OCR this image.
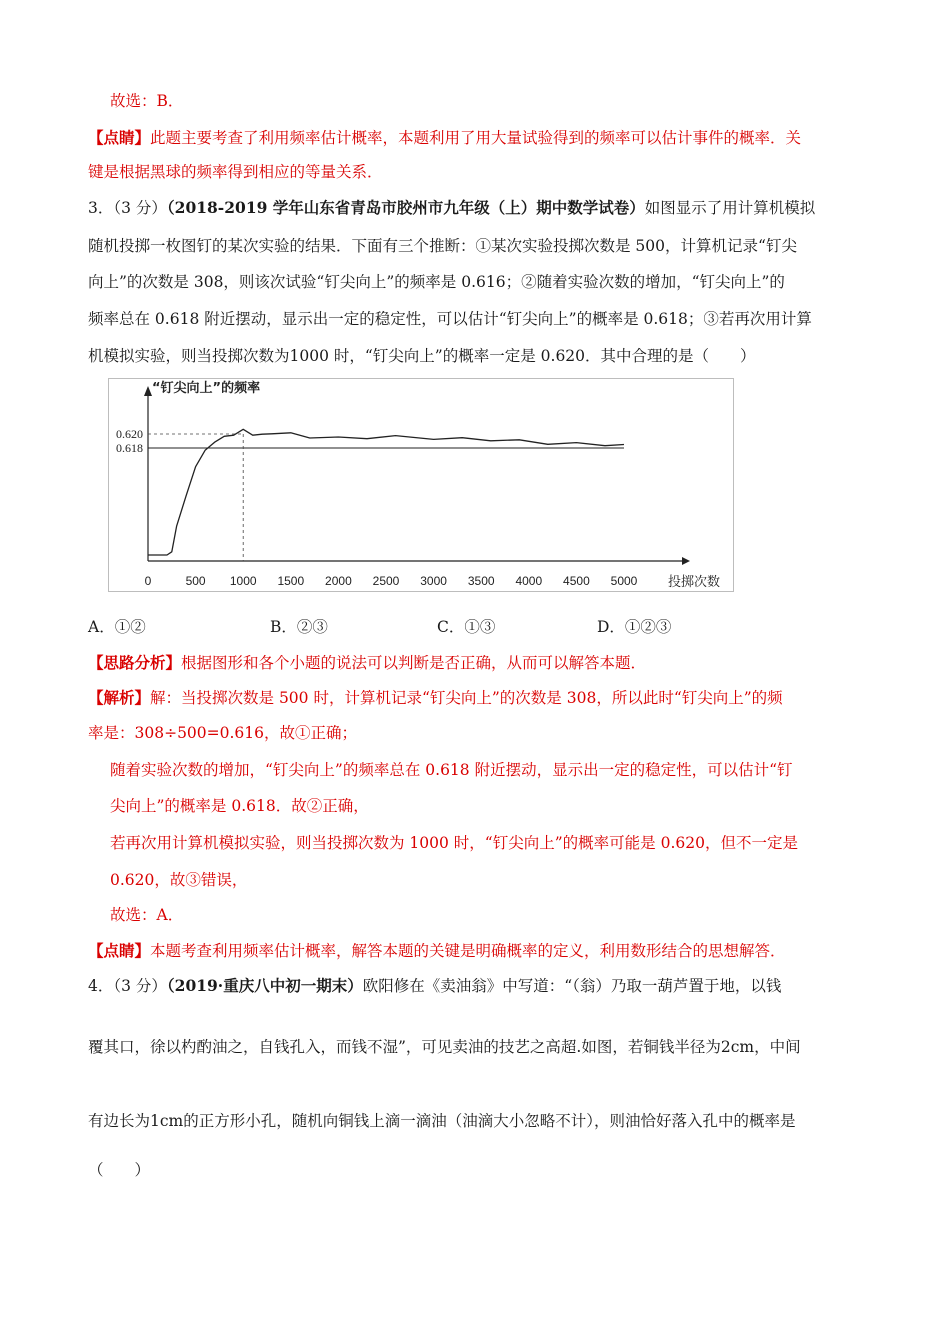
故选：B．
【点睛】此题主要考查了利用频率估计概率，本题利用了用大量试验得到的频率可以估计事件的概率．关
键是根据黑球的频率得到相应的等量关系．
3．（3 分）（2018-2019 学年山东省青岛市胶州市九年级（上）期中数学试卷）如图显示了用计算机模拟
随机投掷一枚图钉的某次实验的结果．下面有三个推断：①某次实验投掷次数是 500，计算机记录“钉尖
向上”的次数是 308，则该次试验“钉尖向上”的频率是 0.616；②随着实验次数的增加，“钉尖向上”的
频率总在 0.618 附近摆动，显示出一定的稳定性，可以估计“钉尖向上”的概率是 0.618；③若再次用计算
机模拟实验，则当投掷次数为1000 时，“钉尖向上”的概率一定是 0.620．其中合理的是（　　）
0	500 1000 1500 2000 2500 3000 3500 4000 4500 5000
0.620
0.618
“钉尖向上”的频率
投掷次数
A．①②	B．②③	C．①③	D．①②③
【思路分析】根据图形和各个小题的说法可以判断是否正确，从而可以解答本题．
【解析】解：当投掷次数是 500 时，计算机记录“钉尖向上”的次数是 308，所以此时“钉尖向上”的频
率是：308÷500=0.616，故①正确；
随着实验次数的增加，“钉尖向上”的频率总在 0.618 附近摆动，显示出一定的稳定性，可以估计“钉
尖向上”的概率是 0.618．故②正确，
若再次用计算机模拟实验，则当投掷次数为 1000 时，“钉尖向上”的概率可能是 0.620，但不一定是
0.620，故③错误，
故选：A．
【点睛】本题考查利用频率估计概率，解答本题的关键是明确概率的定义，利用数形结合的思想解答．
4．（3 分）（2019·重庆八中初一期末）欧阳修在《卖油翁》中写道：“（翁）乃取一葫芦置于地，以钱
覆其口，徐以杓酌油之，自钱孔入，而钱不湿”，可见卖油的技艺之高超.如图，若铜钱半径为2cm，中间
有边长为1cm的正方形小孔，随机向铜钱上滴一滴油（油滴大小忽略不计），则油恰好落入孔中的概率是
（　　）
